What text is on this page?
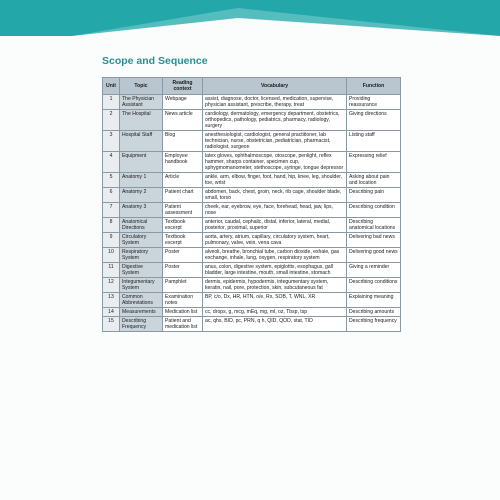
Scope and Sequence
Unit	Topic	Reading context	Vocabulary	Function
1	The Physician Assistant	Webpage	assist, diagnose, doctor, licensed, medication, supervise, physician assistant, prescribe, therapy, treat	Providing reassurance
2	The Hospital	News article	cardiology, dermatology, emergency department, obstetrics, orthopedics, pathology, pediatrics, pharmacy, radiology, surgery	Giving directions
3	Hospital Staff	Blog	anesthesiologist, cardiologist, general practitioner, lab technician, nurse, obstetrician, pediatrician, pharmacist, radiologist, surgeon	Listing staff
4	Equipment	Employee handbook	latex gloves, ophthalmoscope, otoscope, penlight, reflex hammer, sharps container, specimen cup, sphygmomanometer, stethoscope, syringe, tongue depressor	Expressing relief
5	Anatomy 1	Article	ankle, arm, elbow, finger, foot, hand, hip, knee, leg, shoulder, toe, wrist	Asking about pain and location
6	Anatomy 2	Patient chart	abdomen, back, chest, groin, neck, rib cage, shoulder blade, small, torso	Describing pain
7	Anatomy 3	Patient assessment	cheek, ear, eyebrow, eye, face, forehead, head, jaw, lips, nose	Describing condition
8	Anatomical Directions	Textbook excerpt	anterior, caudal, cephalic, distal, inferior, lateral, medial, posterior, proximal, superior	Describing anatomical locations
9	Circulatory System	Textbook excerpt	aorta, artery, atrium, capillary, circulatory system, heart, pulmonary, valve, vein, vena cava	Delivering bad news
10	Respiratory System	Poster	alveoli, breathe, bronchial tube, carbon dioxide, exhale, gas exchange, inhale, lung, oxygen, respiratory system	Delivering good news
11	Digestive System	Poster	anus, colon, digestive system, epiglottis, esophagus, gall bladder, large intestine, mouth, small intestine, stomach	Giving a reminder
12	Integumentary System	Pamphlet	dermis, epidermis, hypodermis, integumentary system, keratin, nail, pore, protection, skin, subcutaneous fat	Describing conditions
13	Common Abbreviations	Examination notes	BP, c/o, Dx, HR, HTN, o/e, Rx, SOB, T, WNL, XR	Explaining meaning
14	Measurements	Medication list	cc, drops, g, mcg, mEq, mg, ml, oz, Tbsp, tsp	Describing amounts
15	Describing Frequency	Patient and medication list	ac, qhs, BID, pc, PRN, q h, QID, QOD, stat, TID	Describing frequency
